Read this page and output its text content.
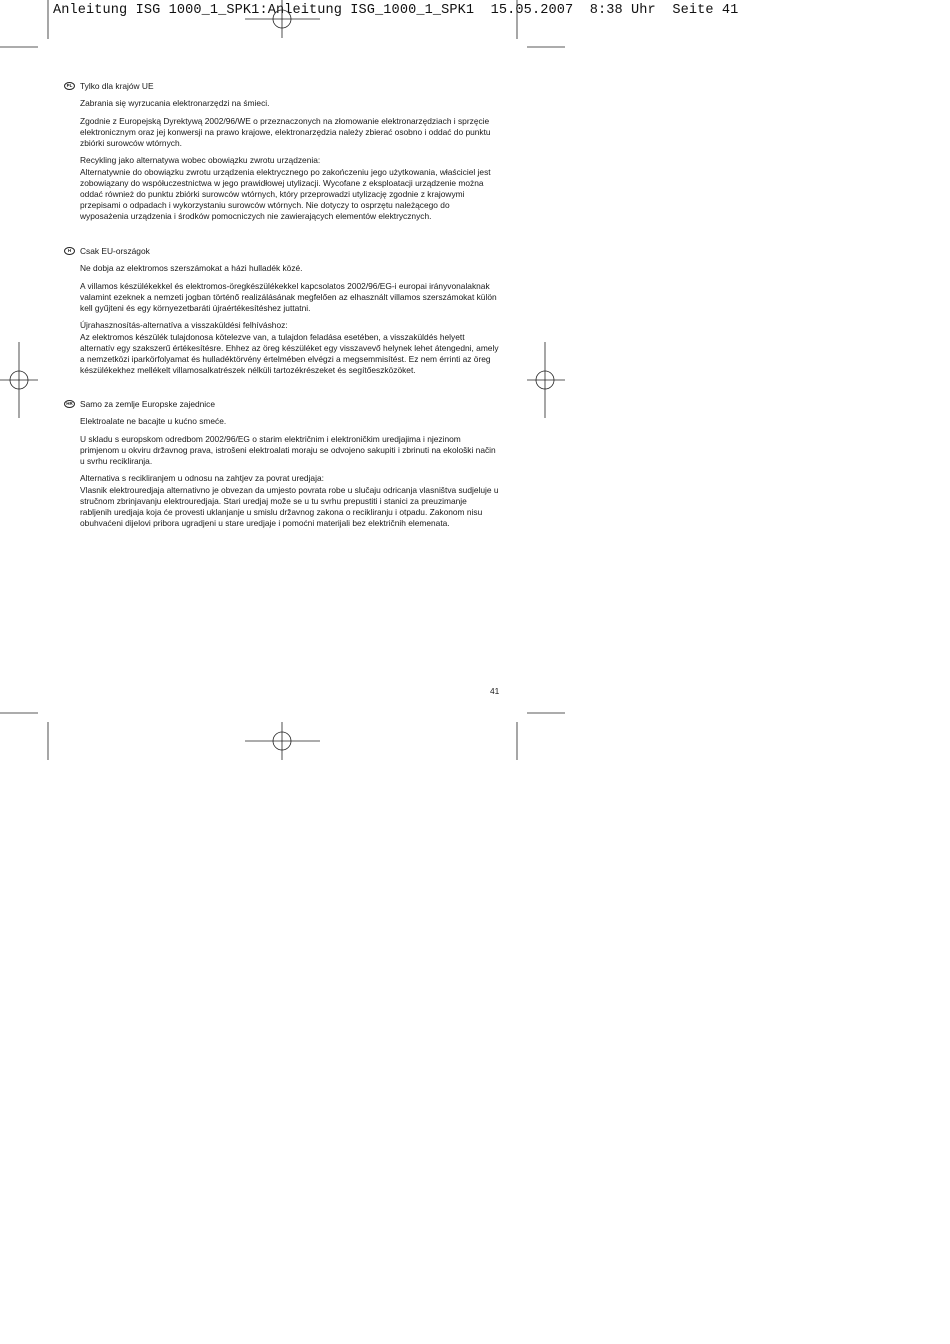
Anleitung ISG 1000_1_SPK1:Anleitung ISG_1000_1_SPK1  15.05.2007  8:38 Uhr  Seite 41
PL Tylko dla krajów UE

Zabrania się wyrzucania elektronarzędzi na śmieci.

Zgodnie z Europejską Dyrektywą 2002/96/WE o przeznaczonych na złomowanie elektronarzędziach i sprzęcie elektronicznym oraz jej konwersji na prawo krajowe, elektronarzędzia należy zbierać osobno i oddać do punktu zbiórki surowców wtórnych.

Recykling jako alternatywa wobec obowiązku zwrotu urządzenia:
Alternatywnie do obowiązku zwrotu urządzenia elektrycznego po zakończeniu jego użytkowania, właściciel jest zobowiązany do współuczestnictwa w jego prawidłowej utylizacji. Wycofane z eksploatacji urządzenie można oddać również do punktu zbiórki surowców wtórnych, który przeprowadzi utylizację zgodnie z krajowymi przepisami o odpadach i wykorzystaniu surowców wtórnych. Nie dotyczy to osprzętu należącego do wyposażenia urządzenia i środków pomocniczych nie zawierających elementów elektrycznych.

H	Csak EU-országok

Ne dobja az elektromos szerszámokat a házi hulladék közé.

A villamos készülékekkel és elektromos-öregkészülékekkel kapcsolatos 2002/96/EG-i europai irányvonalaknak valamint ezeknek a nemzeti jogban történő realizálásának megfelően az elhasznált villamos szerszámokat külön kell gyűjteni és egy környezetbaráti újraértékesítéshez juttatni.

Újrahasznosítás-alternatíva a visszaküldési felhíváshoz:
Az elektromos készülék tulajdonosa kötelezve van, a tulajdon feladása esetében, a visszaküldés helyett alternatív egy szakszerű értékesítésre. Ehhez az öreg készüléket egy visszavevő helynek lehet átengedni, amely a nemzetközi iparkörfolyamat és hulladéktörvény értelmében elvégzi a megsemmisítést. Ez nem érrinti az öreg készülékekhez mellékelt villamosalkatrészek nélküli tartozékrészeket és segítőeszközöket.

HR Samo za zemlje Europske zajednice

Elektroalate ne bacajte u kućno smeće.

U skladu s europskom odredbom 2002/96/EG o starim električnim i elektroničkim uredjajima i njezinom primjenom u okviru državnog prava, istrošeni elektroalati moraju se odvojeno sakupiti i zbrinuti na ekološki način u svrhu recikliranja.

Alternativa s recikliranjem u odnosu na zahtjev za povrat uredjaja:
Vlasnik elektrouredjaja alternativno je obvezan da umjesto povrata robe u slučaju odricanja vlasništva sudjeluje u stručnom zbrinjavanju elektrouredjaja. Stari uredjaj može se u tu svrhu prepustiti i stanici za preuzimanje rabljenih uredjaja koja će provesti uklanjanje u smislu državnog zakona o recikliranju i otpadu. Zakonom nisu obuhvaćeni dijelovi pribora ugradjeni u stare uredjaje i pomoćni materijali bez električnih elemenata.

41
